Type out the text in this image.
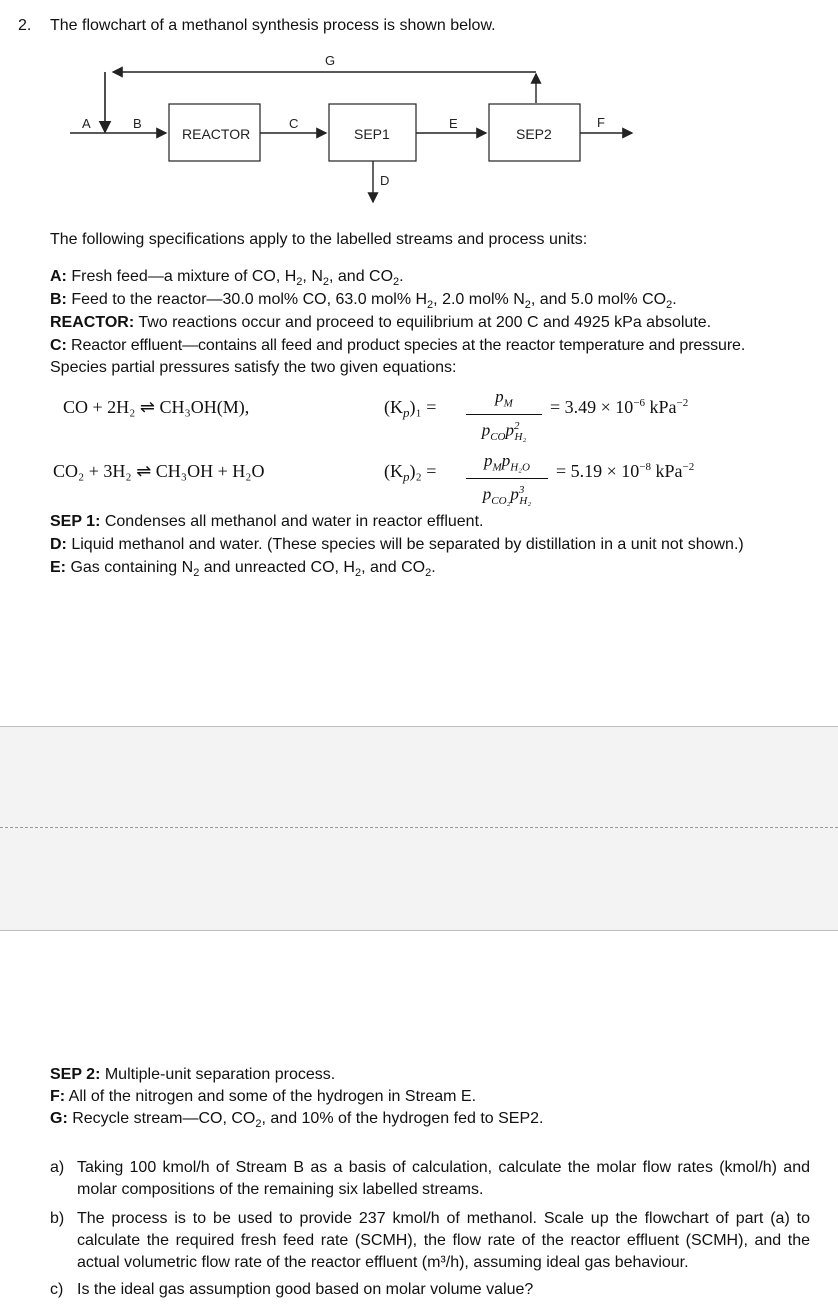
2. The flowchart of a methanol synthesis process is shown below.
G
A	B
REACTOR
C
SEP1
D
E
SEP2
F
The following specifications apply to the labelled streams and process units:
A: Fresh feed—a mixture of CO, $H_2$, $N_2$, and $CO_2$.
B: Feed to the reactor—30.0 mol% CO, 63.0 mol% $H_2$, 2.0 mol% $N_2$, and 5.0 mol% $CO_2$.
REACTOR: Two reactions occur and proceed to equilibrium at 200 C and 4925 kPa absolute.
C: Reactor effluent—contains all feed and product species at the reactor temperature and pressure.
Species partial pressures satisfy the two given equations:
CO + 2H₂ ⇌ CH₃OH(M),	$(K_p)_1$ =
$p_M$
$p_{CO}p^2_{H_2}$
= $3.49 \times 10^{-6}$ kPa$^{-2}$
CO₂ + 3H₂ ⇌ CH₃OH + H₂O	$(K_p)_2$ =
$p_Mp_{H_2O}$
$p_{CO_2}p^3_{H_2}$
= $5.19 \times 10^{-8}$ kPa$^{-2}$
SEP 1: Condenses all methanol and water in reactor effluent.
D: Liquid methanol and water. (These species will be separated by distillation in a unit not shown.)
E: Gas containing $N_2$ and unreacted CO, $H_2$, and $CO_2$.
SEP 2: Multiple-unit separation process.
F: All of the nitrogen and some of the hydrogen in Stream E.
G: Recycle stream—CO, $CO_2$, and 10% of the hydrogen fed to SEP2.
a) Taking 100 kmol/h of Stream B as a basis of calculation, calculate the molar flow rates (kmol/h) and molar compositions of the remaining six labelled streams.
b) The process is to be used to provide 237 kmol/h of methanol. Scale up the flowchart of part (a) to calculate the required fresh feed rate (SCMH), the flow rate of the reactor effluent (SCMH), and the actual volumetric flow rate of the reactor effluent (m³/h), assuming ideal gas behaviour.
c) Is the ideal gas assumption good based on molar volume value?
